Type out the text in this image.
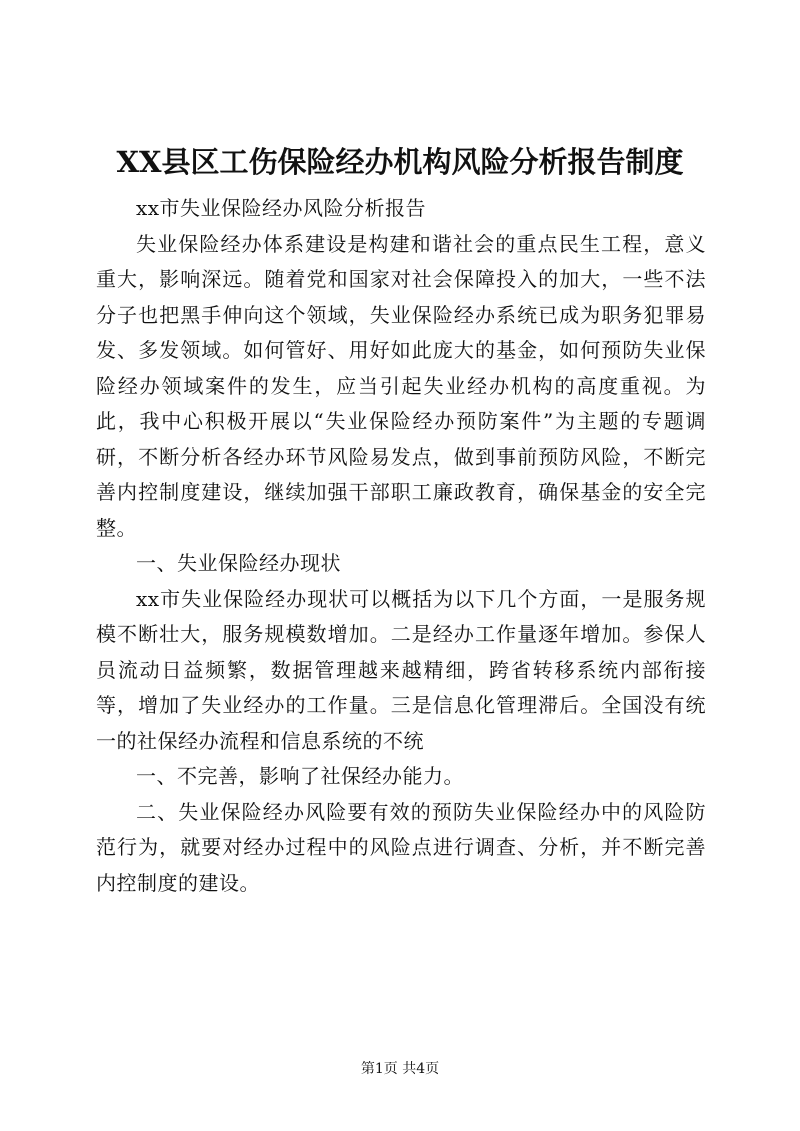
XX县区工伤保险经办机构风险分析报告制度

xx市失业保险经办风险分析报告

失业保险经办体系建设是构建和谐社会的重点民生工程，意义重大，影响深远。随着党和国家对社会保障投入的加大，一些不法分子也把黑手伸向这个领域，失业保险经办系统已成为职务犯罪易发、多发领域。如何管好、用好如此庞大的基金，如何预防失业保险经办领域案件的发生，应当引起失业经办机构的高度重视。为此，我中心积极开展以“失业保险经办预防案件”为主题的专题调研，不断分析各经办环节风险易发点，做到事前预防风险，不断完善内控制度建设，继续加强干部职工廉政教育，确保基金的安全完整。

一、失业保险经办现状

xx市失业保险经办现状可以概括为以下几个方面，一是服务规模不断壮大，服务规模数增加。二是经办工作量逐年增加。参保人员流动日益频繁，数据管理越来越精细，跨省转移系统内部衔接等，增加了失业经办的工作量。三是信息化管理滞后。全国没有统一的社保经办流程和信息系统的不统

一、不完善，影响了社保经办能力。

二、失业保险经办风险要有效的预防失业保险经办中的风险防范行为，就要对经办过程中的风险点进行调查、分析，并不断完善内控制度的建设。

第1页 共4页
